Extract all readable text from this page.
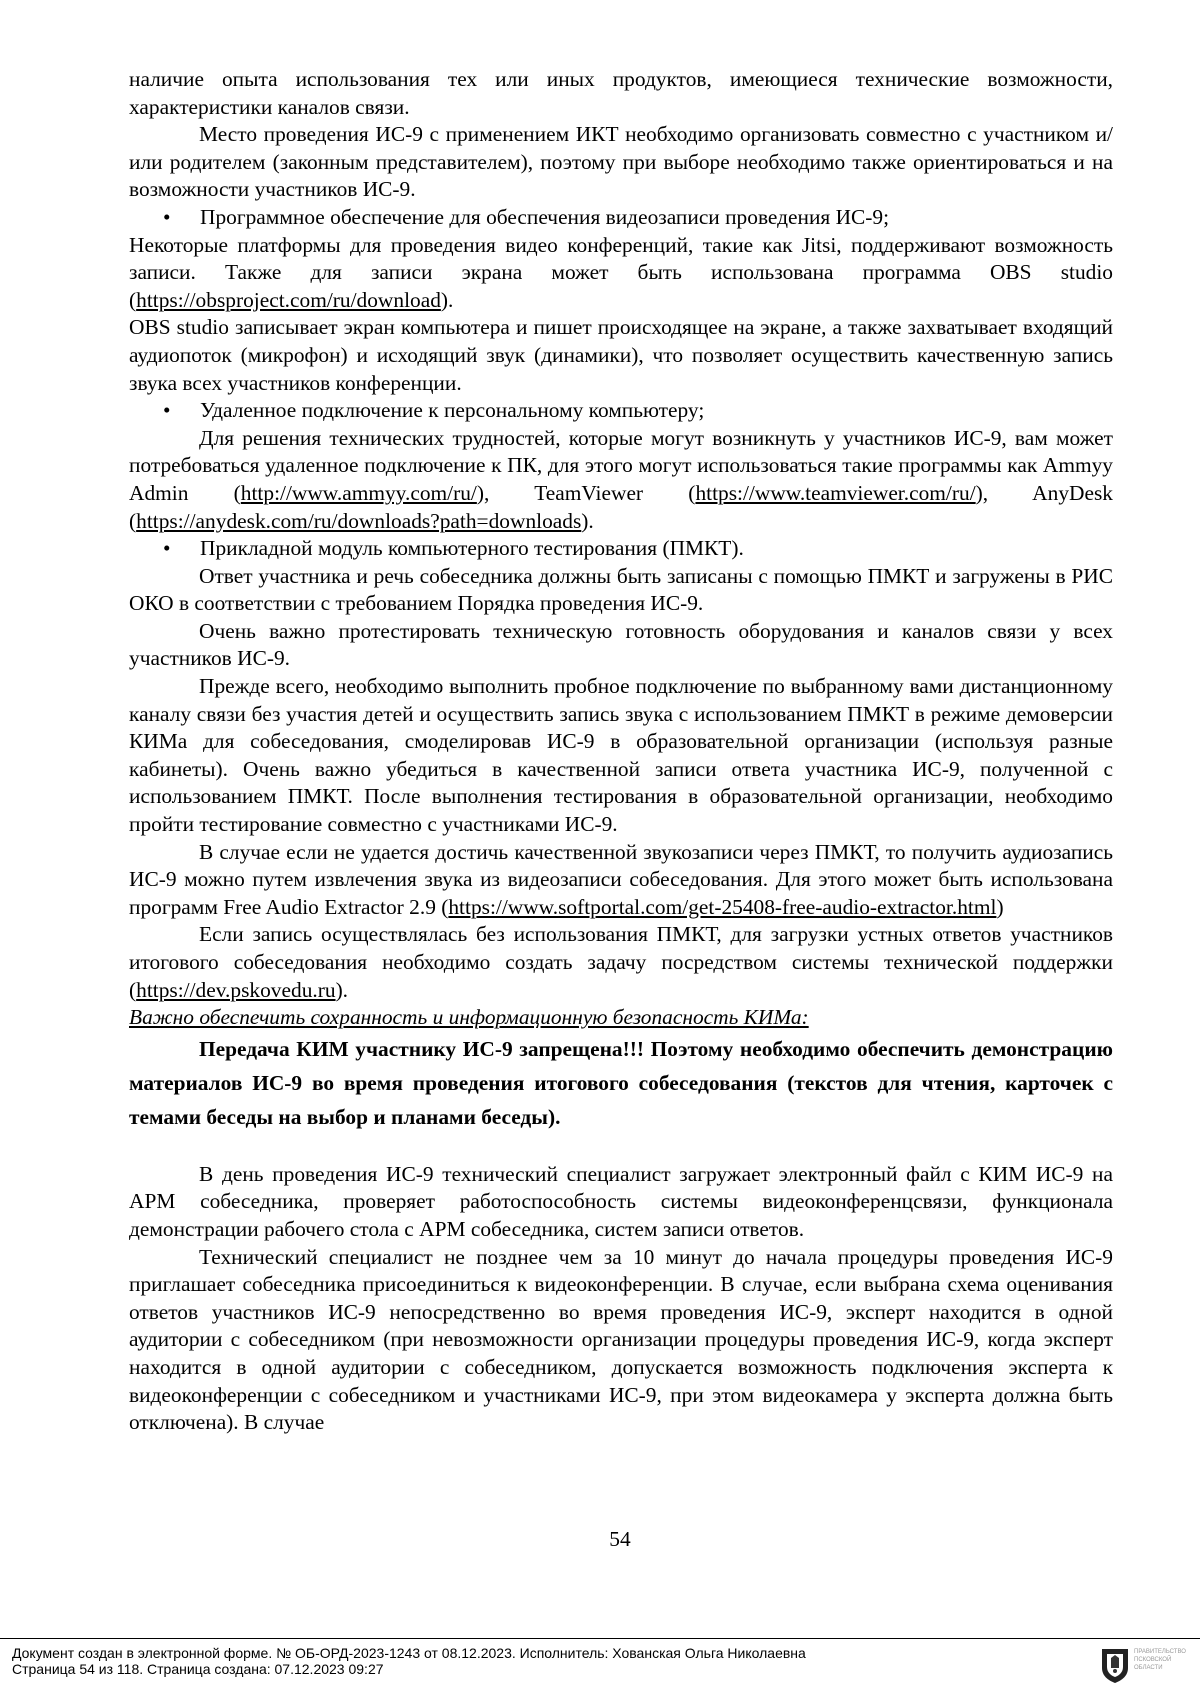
наличие опыта использования тех или иных продуктов, имеющиеся технические возможности, характеристики каналов связи.

Место проведения ИС-9 с применением ИКТ необходимо организовать совместно с участником и/или родителем (законным представителем), поэтому при выборе необходимо также ориентироваться и на возможности участников ИС-9.

• Программное обеспечение для обеспечения видеозаписи проведения ИС-9;

Некоторые платформы для проведения видео конференций, такие как Jitsi, поддерживают возможность записи. Также для записи экрана может быть использована программа OBS studio (https://obsproject.com/ru/download).

OBS studio записывает экран компьютера и пишет происходящее на экране, а также захватывает входящий аудиопоток (микрофон) и исходящий звук (динамики), что позволяет осуществить качественную запись звука всех участников конференции.

• Удаленное подключение к персональному компьютеру;

Для решения технических трудностей, которые могут возникнуть у участников ИС-9, вам может потребоваться удаленное подключение к ПК, для этого могут использоваться такие программы как Ammyy Admin (http://www.ammyy.com/ru/), TeamViewer (https://www.teamviewer.com/ru/), AnyDesk (https://anydesk.com/ru/downloads?path=downloads).

• Прикладной модуль компьютерного тестирования (ПМКТ).

Ответ участника и речь собеседника должны быть записаны с помощью ПМКТ и загружены в РИС ОКО в соответствии с требованием Порядка проведения ИС-9.

Очень важно протестировать техническую готовность оборудования и каналов связи у всех участников ИС-9.

Прежде всего, необходимо выполнить пробное подключение по выбранному вами дистанционному каналу связи без участия детей и осуществить запись звука с использованием ПМКТ в режиме демоверсии КИМа для собеседования, смоделировав ИС-9 в образовательной организации (используя разные кабинеты). Очень важно убедиться в качественной записи ответа участника ИС-9, полученной с использованием ПМКТ. После выполнения тестирования в образовательной организации, необходимо пройти тестирование совместно с участниками ИС-9.

В случае если не удается достичь качественной звукозаписи через ПМКТ, то получить аудиозапись ИС-9 можно путем извлечения звука из видеозаписи собеседования. Для этого может быть использована программ Free Audio Extractor 2.9 (https://www.softportal.com/get-25408-free-audio-extractor.html)

Если запись осуществлялась без использования ПМКТ, для загрузки устных ответов участников итогового собеседования необходимо создать задачу посредством системы технической поддержки (https://dev.pskovedu.ru).

Важно обеспечить сохранность и информационную безопасность КИМа:

Передача КИМ участнику ИС-9 запрещена!!! Поэтому необходимо обеспечить демонстрацию материалов ИС-9 во время проведения итогового собеседования (текстов для чтения, карточек с темами беседы на выбор и планами беседы).

В день проведения ИС-9 технический специалист загружает электронный файл с КИМ ИС-9 на АРМ собеседника, проверяет работоспособность системы видеоконференцсвязи, функционала демонстрации рабочего стола с АРМ собеседника, систем записи ответов.

Технический специалист не позднее чем за 10 минут до начала процедуры проведения ИС-9 приглашает собеседника присоединиться к видеоконференции. В случае, если выбрана схема оценивания ответов участников ИС-9 непосредственно во время проведения ИС-9, эксперт находится в одной аудитории с собеседником (при невозможности организации процедуры проведения ИС-9, когда эксперт находится в одной аудитории с собеседником, допускается возможность подключения эксперта к видеоконференции с собеседником и участниками ИС-9, при этом видеокамера у эксперта должна быть отключена). В случае

54
Документ создан в электронной форме. № ОБ-ОРД-2023-1243 от 08.12.2023. Исполнитель: Хованская Ольга Николаевна
Страница 54 из 118. Страница создана: 07.12.2023 09:27
ПРАВИТЕЛЬСТВО
ПСКОВСКОЙ
ОБЛАСТИ
